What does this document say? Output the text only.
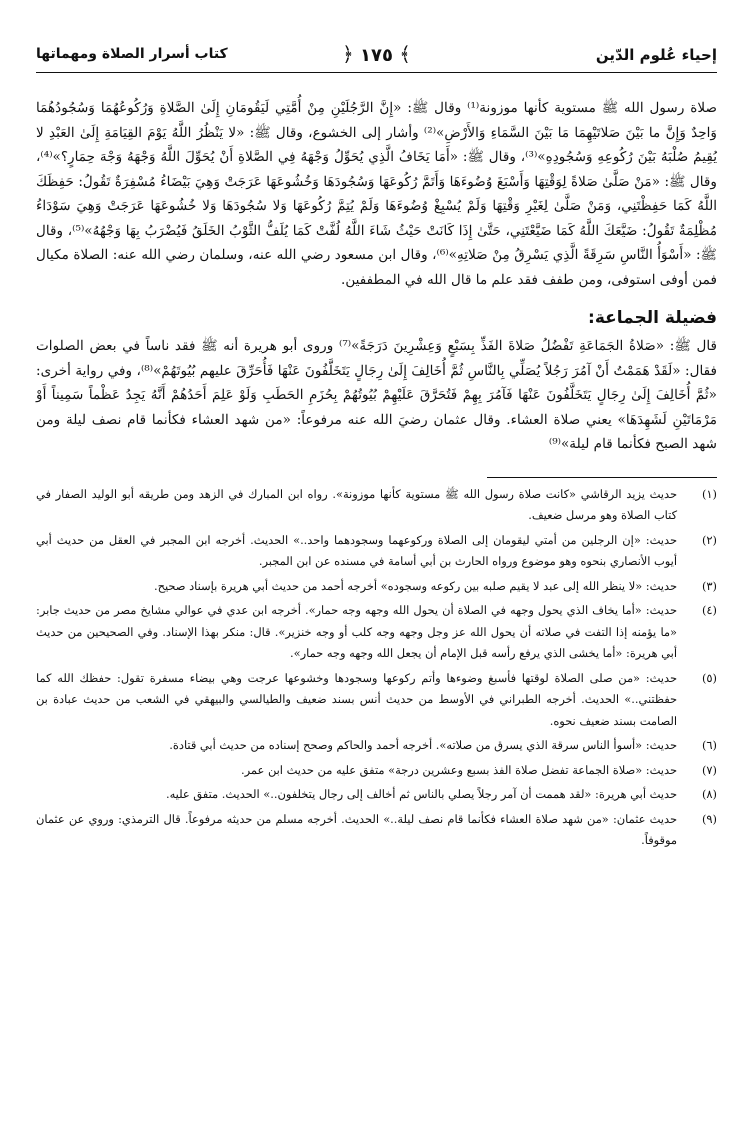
إحياء عُلوم الدّين
﴾ ١٧٥ ﴿
كتاب أسرار الصلاة ومهماتها

صلاة رسول الله ﷺ مستوية كأنها موزونة⁽¹⁾ وقال ﷺ: «إِنَّ الرَّجُلَيْنِ مِنْ أُمَّتِي لَيَقُومَانِ إِلَىٰ الصَّلاةِ وَرُكُوعُهُمَا وَسُجُودُهُمَا وَاحِدٌ وَإِنَّ ما بَيْنَ صَلاتَيْهِمَا مَا بَيْنَ السَّمَاءِ وَالأَرْضِ»⁽²⁾ وأشار إلى الخشوع، وقال ﷺ: «لا يَنْظُرُ اللَّهُ يَوْمَ القِيَامَةِ إِلَىٰ العَبْدِ لا يُقِيمُ صُلْبَهُ بَيْنَ رُكُوعِهِ وَسُجُودِهِ»⁽³⁾، وقال ﷺ: «أَمَا يَخَافُ الَّذِي يُحَوِّلُ وَجْهَهُ فِي الصَّلاةِ أَنْ يُحَوِّلَ اللَّهُ وَجْهَهُ وَجْهَ حِمَارٍ؟»⁽⁴⁾، وقال ﷺ: «مَنْ صَلَّىٰ صَلاةً لِوَقْتِهَا وَأَسْبَغَ وُضُوءَهَا وَأَتَمَّ رُكُوعَهَا وَسُجُودَهَا وَخُشُوعَهَا عَرَجَتْ وَهِيَ بَيْضَاءُ مُسْفِرَةٌ تَقُولُ: حَفِظَكَ اللَّهُ كَمَا حَفِظْتَنِي، وَمَنْ صَلَّىٰ لِغَيْرِ وَقْتِهَا وَلَمْ يُسْبِغْ وُضُوءَهَا وَلَمْ يُتِمَّ رُكُوعَهَا وَلا سُجُودَهَا وَلا خُشُوعَهَا عَرَجَتْ وَهِيَ سَوْدَاءُ مُظْلِمَةٌ تَقُولُ: ضَيَّعَكَ اللَّهُ كَمَا ضَيَّعْتَنِي، حَتَّىٰ إِذَا كَانَتْ حَيْثُ شَاءَ اللَّهُ لُفَّتْ كَمَا يُلَفُّ الثَّوْبُ الخَلَقُ فَيُضْرَبُ بِهَا وَجْهُهُ»⁽⁵⁾، وقال ﷺ: «أَسْوَأُ النَّاسِ سَرِقَةً الَّذِي يَسْرِقُ مِنْ صَلاتِهِ»⁽⁶⁾، وقال ابن مسعود رضي الله عنه، وسلمان رضي الله عنه: الصلاة مكيال فمن أوفى استوفى، ومن طفف فقد علم ما قال الله في المطففين.

فضيلة الجماعة:

قال ﷺ: «صَلاةُ الجَمَاعَةِ تَفْضُلُ صَلاةَ الفَذِّ بِسَبْعٍ وَعِشْرِينَ دَرَجَةً»⁽⁷⁾ وروى أبو هريرة أنه ﷺ فقد ناساً في بعض الصلوات فقال: «لَقَدْ هَمَمْتُ أَنْ آمُرَ رَجُلاً يُصَلِّي بِالنَّاسِ ثُمَّ أُخَالِفَ إِلَىٰ رِجَالٍ يَتَخَلَّفُونَ عَنْهَا فَأُحَرِّقَ عليهم بُيُوتَهُمْ»⁽⁸⁾، وفي رواية أخرى: «ثُمَّ أُخَالِفَ إِلَىٰ رِجَالٍ يَتَخَلَّفُونَ عَنْهَا فَآمُرَ بِهِمْ فَتُحَرَّقَ عَلَيْهِمْ بُيُوتُهُمْ بِحُزَمِ الحَطَبِ وَلَوْ عَلِمَ أَحَدُهُمْ أَنَّهُ يَجِدُ عَظْماً سَمِيناً أَوْ مَرْمَاتَيْنِ لَشَهِدَهَا» يعني صلاة العشاء. وقال عثمان رضيَ الله عنه مرفوعاً: «من شهد العشاء فكأنما قام نصف ليلة ومن شهد الصبح فكأنما قام ليلة»⁽⁹⁾

(١)
حديث يزيد الرقاشي «كانت صلاة رسول الله ﷺ مستوية كأنها موزونة». رواه ابن المبارك في الزهد ومن طريقه أبو الوليد الصفار في كتاب الصلاة وهو مرسل ضعيف.
(٢)
حديث: «إن الرجلين من أمتي ليقومان إلى الصلاة وركوعهما وسجودهما واحد..» الحديث. أخرجه ابن المجبر في العقل من حديث أبي أيوب الأنصاري بنحوه وهو موضوع ورواه الحارث بن أبي أسامة في مسنده عن ابن المجبر.
(٣)
حديث: «لا ينظر الله إلى عبد لا يقيم صلبه بين ركوعه وسجوده» أخرجه أحمد من حديث أبي هريرة بإسناد صحيح.
(٤)
حديث: «أما يخاف الذي يحول وجهه في الصلاة أن يحول الله وجهه وجه حمار». أخرجه ابن عدي في عوالي مشايخ مصر من حديث جابر: «ما يؤمنه إذا التفت في صلاته أن يحول الله عز وجل وجهه وجه كلب أو وجه خنزير». قال: منكر بهذا الإسناد. وفي الصحيحين من حديث أبي هريرة: «أما يخشى الذي يرفع رأسه قبل الإمام أن يجعل الله وجهه وجه حمار».
(٥)
حديث: «من صلى الصلاة لوقتها فأسبغ وضوءها وأتم ركوعها وسجودها وخشوعها عرجت وهي بيضاء مسفرة تقول: حفظك الله كما حفظتني..» الحديث. أخرجه الطبراني في الأوسط من حديث أنس بسند ضعيف والطيالسي والبيهقي في الشعب من حديث عبادة بن الصامت بسند ضعيف نحوه.
(٦)
حديث: «أسوأ الناس سرقة الذي يسرق من صلاته». أخرجه أحمد والحاكم وصحح إسناده من حديث أبي قتادة.
(٧)
حديث: «صلاة الجماعة تفضل صلاة الفذ بسبع وعشرين درجة» متفق عليه من حديث ابن عمر.
(٨)
حديث أبي هريرة: «لقد هممت أن آمر رجلاً يصلي بالناس ثم أخالف إلى رجال يتخلفون..» الحديث. متفق عليه.
(٩)
حديث عثمان: «من شهد صلاة العشاء فكأنما قام نصف ليلة..» الحديث. أخرجه مسلم من حديثه مرفوعاً. قال الترمذي: وروي عن عثمان موقوفاً.
